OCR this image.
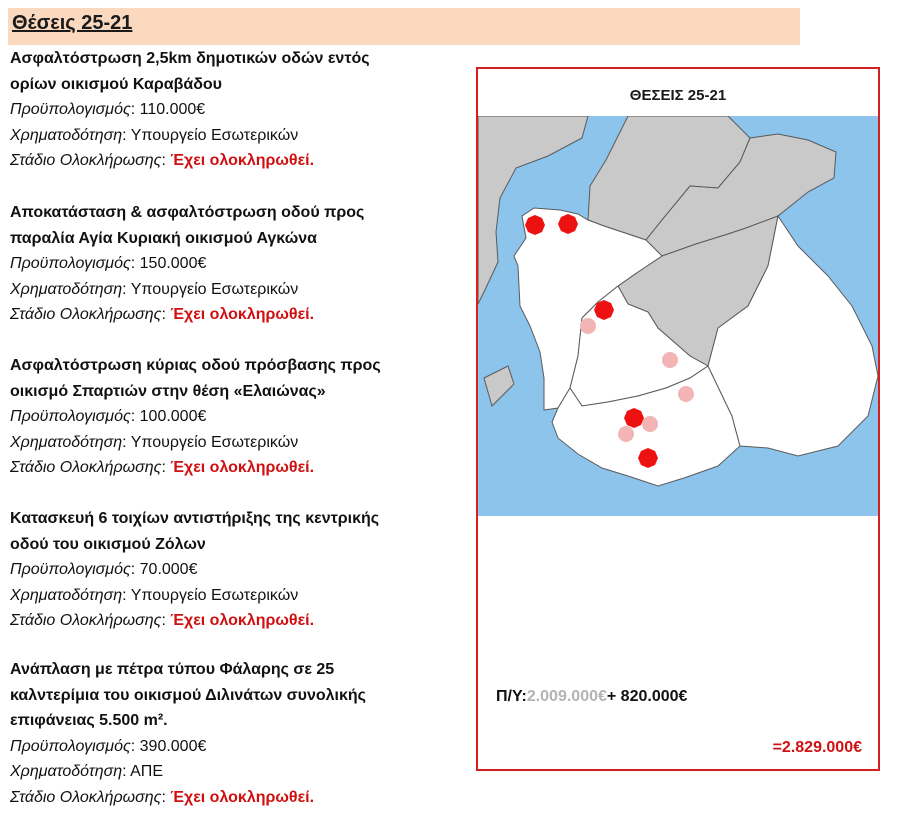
Θέσεις 25-21
Ασφαλτόστρωση 2,5km δημοτικών οδών εντός
ορίων οικισμού Καραβάδου
Προϋπολογισμός: 110.000€
Χρηματοδότηση: Υπουργείο Εσωτερικών
Στάδιο Ολοκλήρωσης: Έχει ολοκληρωθεί.
Αποκατάσταση & ασφαλτόστρωση οδού προς
παραλία Αγία Κυριακή οικισμού Αγκώνα
Προϋπολογισμός: 150.000€
Χρηματοδότηση: Υπουργείο Εσωτερικών
Στάδιο Ολοκλήρωσης: Έχει ολοκληρωθεί.
Ασφαλτόστρωση κύριας οδού πρόσβασης προς
οικισμό Σπαρτιών στην θέση «Ελαιώνας»
Προϋπολογισμός: 100.000€
Χρηματοδότηση: Υπουργείο Εσωτερικών
Στάδιο Ολοκλήρωσης: Έχει ολοκληρωθεί.
Κατασκευή 6 τοιχίων αντιστήριξης της κεντρικής
οδού του οικισμού Ζόλων
Προϋπολογισμός: 70.000€
Χρηματοδότηση: Υπουργείο Εσωτερικών
Στάδιο Ολοκλήρωσης: Έχει ολοκληρωθεί.
Ανάπλαση με πέτρα τύπου Φάλαρης σε 25
καλντερίμια του οικισμού Διλινάτων συνολικής
επιφάνειας 5.500 m².
Προϋπολογισμός: 390.000€
Χρηματοδότηση: ΑΠΕ
Στάδιο Ολοκλήρωσης: Έχει ολοκληρωθεί.
ΘΕΣΕΙΣ 25-21
Π/Υ:2.009.000€+ 820.000€
=2.829.000€
